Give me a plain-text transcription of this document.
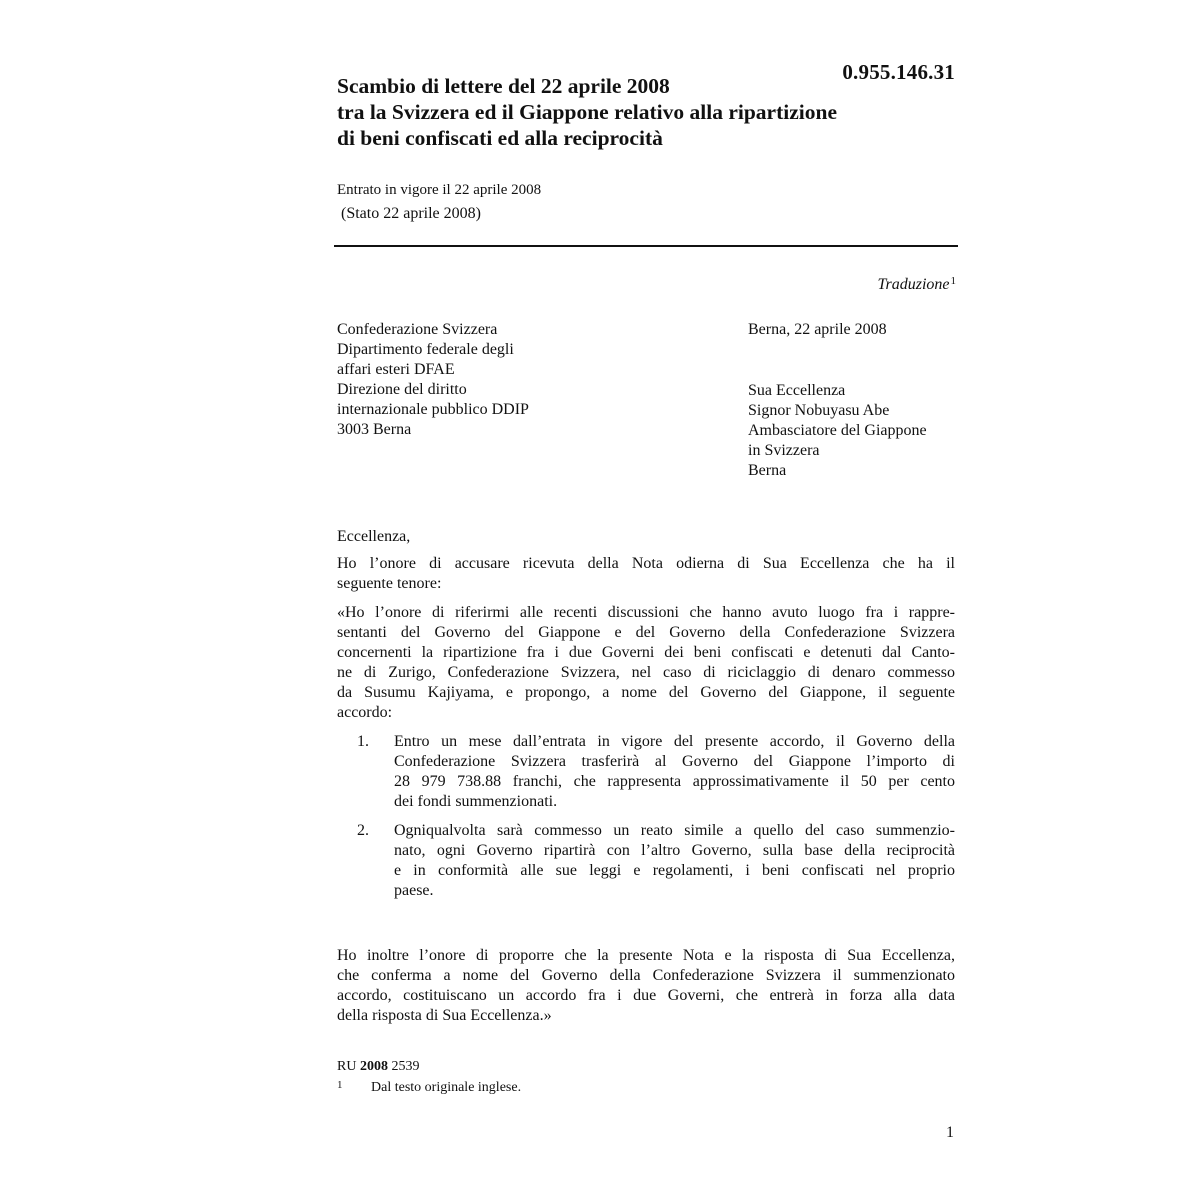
0.955.146.31
Scambio di lettere del 22 aprile 2008
tra la Svizzera ed il Giappone relativo alla ripartizione
di beni confiscati ed alla reciprocità
Entrato in vigore il 22 aprile 2008
(Stato 22 aprile 2008)
Traduzione$^1$
Confederazione Svizzera
Dipartimento federale degli
affari esteri DFAE
Direzione del diritto
internazionale pubblico DDIP
3003 Berna
Berna, 22 aprile 2008
Sua Eccellenza
Signor Nobuyasu Abe
Ambasciatore del Giappone
in Svizzera
Berna
Eccellenza,
Ho l’onore di accusare ricevuta della Nota odierna di Sua Eccellenza che ha il
seguente tenore:
«Ho l’onore di riferirmi alle recenti discussioni che hanno avuto luogo fra i rappre-
sentanti del Governo del Giappone e del Governo della Confederazione Svizzera
concernenti la ripartizione fra i due Governi dei beni confiscati e detenuti dal Canto-
ne di Zurigo, Confederazione Svizzera, nel caso di riciclaggio di denaro commesso
da Susumu Kajiyama, e propongo, a nome del Governo del Giappone, il seguente
accordo:
1.	Entro un mese dall’entrata in vigore del presente accordo, il Governo della
Confederazione Svizzera trasferirà al Governo del Giappone l’importo di
28 979 738.88 franchi, che rappresenta approssimativamente il 50 per cento
dei fondi summenzionati.
2.	Ogniqualvolta sarà commesso un reato simile a quello del caso summenzio-
nato, ogni Governo ripartirà con l’altro Governo, sulla base della reciprocità
e in conformità alle sue leggi e regolamenti, i beni confiscati nel proprio
paese.
Ho inoltre l’onore di proporre che la presente Nota e la risposta di Sua Eccellenza,
che conferma a nome del Governo della Confederazione Svizzera il summenzionato
accordo, costituiscano un accordo fra i due Governi, che entrerà in forza alla data
della risposta di Sua Eccellenza.»
RU 2008 2539
1 Dal testo originale inglese.
1
